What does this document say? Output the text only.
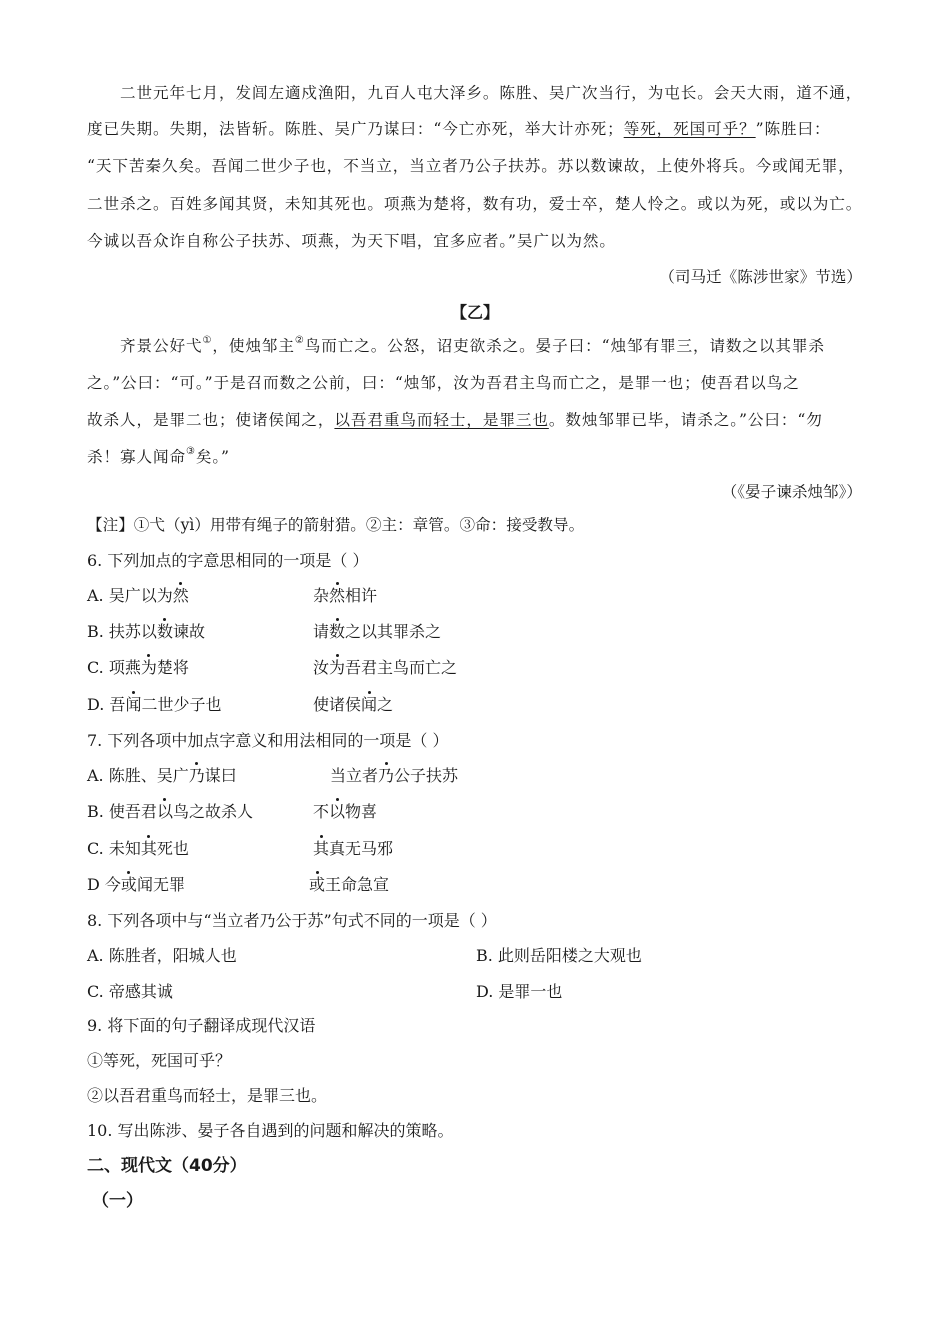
二世元年七月，发闾左適戍渔阳，九百人屯大泽乡。陈胜、吴广次当行，为屯长。会天大雨，道不通，
度已失期。失期，法皆斩。陈胜、吴广乃谋曰：“今亡亦死，举大计亦死；等死，死国可乎？”陈胜曰：
“天下苦秦久矣。吾闻二世少子也，不当立，当立者乃公子扶苏。苏以数谏故，上使外将兵。今或闻无罪，
二世杀之。百姓多闻其贤，未知其死也。项燕为楚将，数有功，爱士卒，楚人怜之。或以为死，或以为亡。
今诚以吾众诈自称公子扶苏、项燕，为天下唱，宜多应者。”吴广以为然。
（司马迁《陈涉世家》节选）
【乙】
齐景公好弋①，使烛邹主②鸟而亡之。公怒，诏吏欲杀之。晏子曰：“烛邹有罪三，请数之以其罪杀
之。”公曰：“可。”于是召而数之公前，曰：“烛邹，汝为吾君主鸟而亡之，是罪一也；使吾君以鸟之
故杀人，是罪二也；使诸侯闻之，以吾君重鸟而轻士，是罪三也。数烛邹罪已毕，请杀之。”公曰：“勿
杀！寡人闻命③矣。”
（《晏子谏杀烛邹》）
【注】①弋（yì）用带有绳子的箭射猎。②主：章管。③命：接受教导。
6. 下列加点的字意思相同的一项是（ ）
A. 吴广以为然	杂然相许
B. 扶苏以数谏故	请数之以其罪杀之
C. 项燕为楚将	汝为吾君主鸟而亡之
D. 吾闻二世少子也	使诸侯闻之
7. 下列各项中加点字意义和用法相同的一项是（ ）
A. 陈胜、吴广乃谋曰	当立者乃公子扶苏
B. 使吾君以鸟之故杀人	不以物喜
C. 未知其死也	其真无马邪
D 今或闻无罪	或王命急宣
8. 下列各项中与“当立者乃公于苏”句式不同的一项是（ ）
A. 陈胜者，阳城人也	B. 此则岳阳楼之大观也
C. 帝感其诚	D. 是罪一也
9. 将下面的句子翻译成现代汉语
①等死，死国可乎？
②以吾君重鸟而轻士，是罪三也。
10. 写出陈涉、晏子各自遇到的问题和解决的策略。
二、现代文（40分）
（一）
